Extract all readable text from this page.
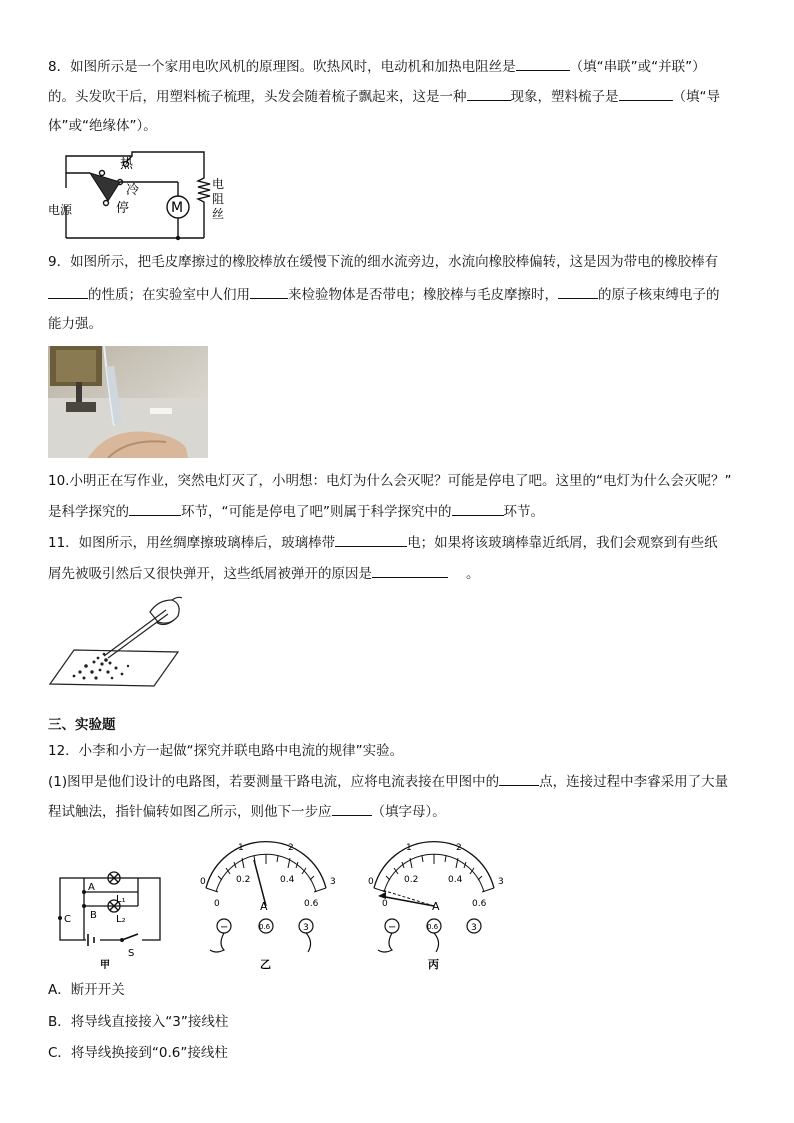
8．如图所示是一个家用电吹风机的原理图。吹热风时，电动机和加热电阻丝是	（填“串联”或“并联”）
的。头发吹干后，用塑料梳子梳理，头发会随着梳子飘起来，这是一种	现象，塑料梳子是	（填“导
体”或“绝缘体”）。
热
冷
停
电源	M
电
阻
丝
9．如图所示，把毛皮摩擦过的橡胶棒放在缓慢下流的细水流旁边，水流向橡胶棒偏转，这是因为带电的橡胶棒有
的性质；在实验室中人们用	来检验物体是否带电；橡胶棒与毛皮摩擦时，	的原子核束缚电子的
能力强。
10.小明正在写作业，突然电灯灭了，小明想：电灯为什么会灭呢？可能是停电了吧。这里的“电灯为什么会灭呢？”
是科学探究的	环节，“可能是停电了吧”则属于科学探究中的	环节。
11．如图所示，用丝绸摩擦玻璃棒后，玻璃棒带	电；如果将该玻璃棒靠近纸屑，我们会观察到有些纸
屑先被吸引然后又很快弹开，这些纸屑被弹开的原因是	。
三、实验题
12．小李和小方一起做“探究并联电路中电流的规律”实验。
(1)图甲是他们设计的电路图，若要测量干路电流，应将电流表接在甲图中的	点，连接过程中李睿采用了大量
程试触法，指针偏转如图乙所示，则他下一步应	（填字母）。
A
B
C
L₁
L₂
S
甲
0
1	2
3
0
0.2	0.4
0.6
A
−	0.6	3
乙
0
1	2
3
0
0.2	0.4
0.6
A
−	0.6	3
丙
A．断开开关
B．将导线直接接入“3”接线柱
C．将导线换接到“0.6”接线柱
